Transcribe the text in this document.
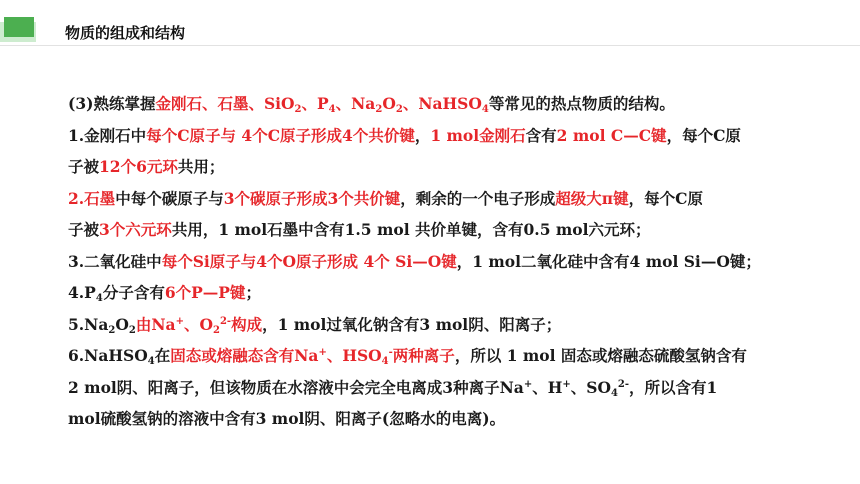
物质的组成和结构
(3)熟练掌握金刚石、石墨、SiO$_2$、$P_4$、$Na_2O_2$、NaHSO$_4$等常见的热点物质的结构。
1.金刚石中每个C原子与 4个C原子形成4个共价键，1 mol金刚石含有2 mol C—C键，每个C原
子被12个6元环共用；
2.石墨中每个碳原子与3个碳原子形成3个共价键，剩余的一个电子形成超级大π键，每个C原
子被3个六元环共用，1 mol石墨中含有1.5 mol 共价单键，含有0.5 mol六元环；
3.二氧化硅中每个Si原子与4个O原子形成 4个 Si—O键，1 mol二氧化硅中含有4 mol Si—O键；
$4.P_4$分子含有6个P—P键；
$5.Na_2O_2$由Na+、$O_2^{2-}$构成，1 mol过氧化钠含有3 mol阴、阳离子；
6.NaHSO$_4$在固态或熔融态含有Na+、$HSO_4^-$两种离子，所以 1 mol 固态或熔融态硫酸氢钠含有
2 mol阴、阳离子，但该物质在水溶液中会完全电离成3种离子Na+、H+、$SO_4^{2-}$，所以含有1
mol硫酸氢钠的溶液中含有3 mol阴、阳离子(忽略水的电离)。
